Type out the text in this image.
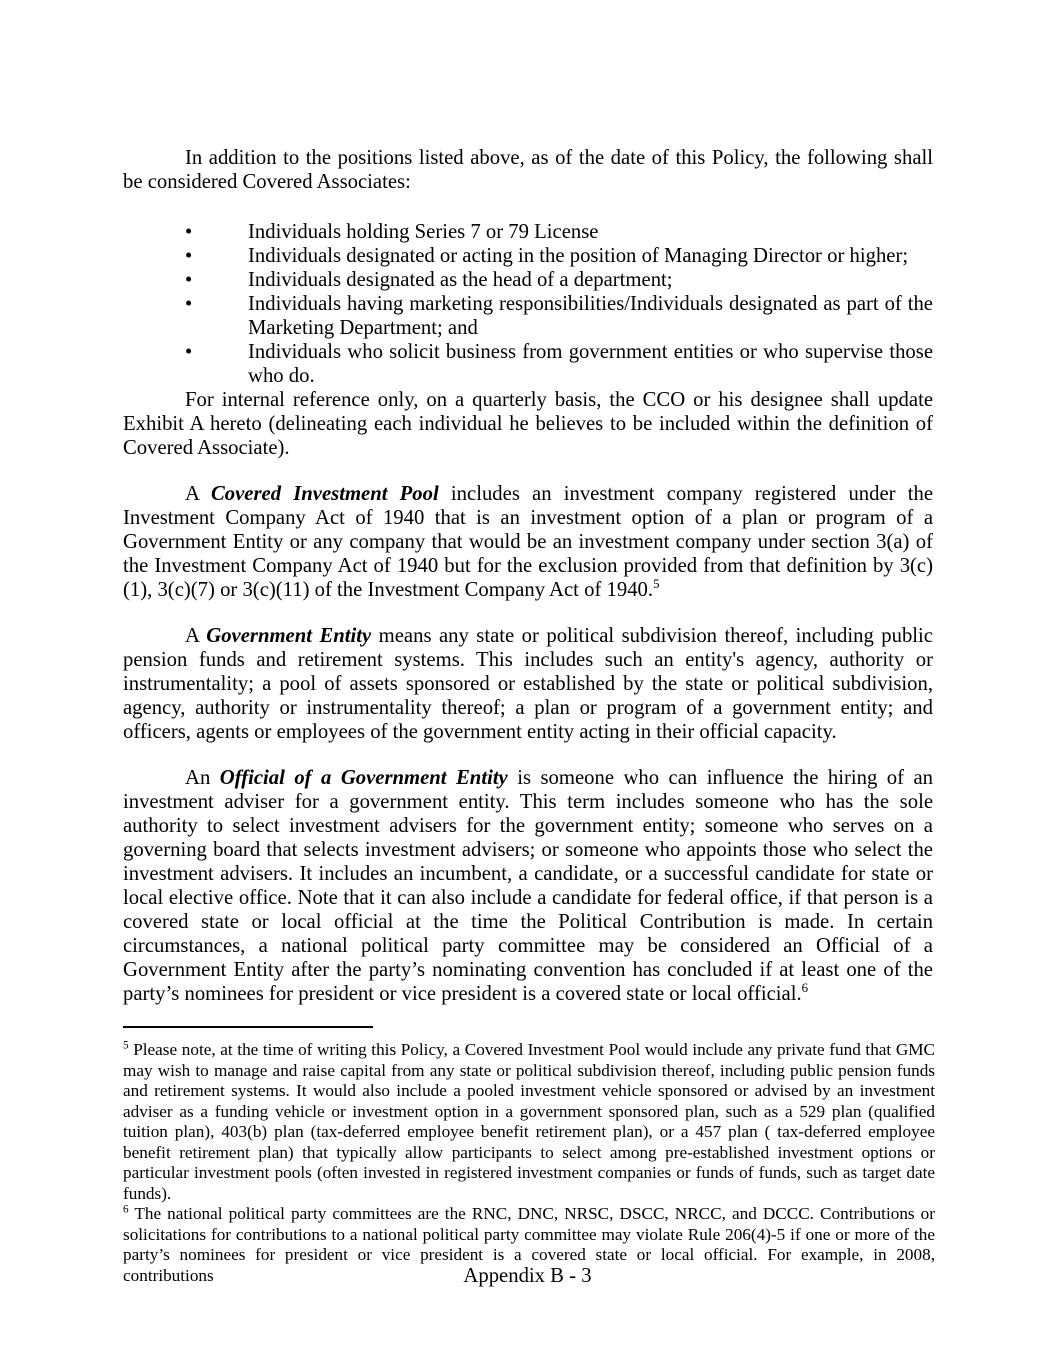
In addition to the positions listed above, as of the date of this Policy, the following shall be considered Covered Associates:

•	Individuals holding Series 7 or 79 License
•	Individuals designated or acting in the position of Managing Director or higher;
•	Individuals designated as the head of a department;
•	Individuals having marketing responsibilities/Individuals designated as part of the Marketing Department; and
•	Individuals who solicit business from government entities or who supervise those who do.

For internal reference only, on a quarterly basis, the CCO or his designee shall update Exhibit A hereto (delineating each individual he believes to be included within the definition of Covered Associate).

A Covered Investment Pool includes an investment company registered under the Investment Company Act of 1940 that is an investment option of a plan or program of a Government Entity or any company that would be an investment company under section 3(a) of the Investment Company Act of 1940 but for the exclusion provided from that definition by 3(c)(1), 3(c)(7) or 3(c)(11) of the Investment Company Act of 1940.$^5$

A Government Entity means any state or political subdivision thereof, including public pension funds and retirement systems. This includes such an entity's agency, authority or instrumentality; a pool of assets sponsored or established by the state or political subdivision, agency, authority or instrumentality thereof; a plan or program of a government entity; and officers, agents or employees of the government entity acting in their official capacity.

An Official of a Government Entity is someone who can influence the hiring of an investment adviser for a government entity. This term includes someone who has the sole authority to select investment advisers for the government entity; someone who serves on a governing board that selects investment advisers; or someone who appoints those who select the investment advisers. It includes an incumbent, a candidate, or a successful candidate for state or local elective office. Note that it can also include a candidate for federal office, if that person is a covered state or local official at the time the Political Contribution is made. In certain circumstances, a national political party committee may be considered an Official of a Government Entity after the party’s nominating convention has concluded if at least one of the party’s nominees for president or vice president is a covered state or local official.$^6$

$^5$ Please note, at the time of writing this Policy, a Covered Investment Pool would include any private fund that GMC may wish to manage and raise capital from any state or political subdivision thereof, including public pension funds and retirement systems. It would also include a pooled investment vehicle sponsored or advised by an investment adviser as a funding vehicle or investment option in a government sponsored plan, such as a 529 plan (qualified tuition plan), 403(b) plan (tax-deferred employee benefit retirement plan), or a 457 plan ( tax-deferred employee benefit retirement plan) that typically allow participants to select among pre-established investment options or particular investment pools (often invested in registered investment companies or funds of funds, such as target date funds).

$^6$ The national political party committees are the RNC, DNC, NRSC, DSCC, NRCC, and DCCC. Contributions or solicitations for contributions to a national political party committee may violate Rule 206(4)-5 if one or more of the party’s nominees for president or vice president is a covered state or local official. For example, in 2008, contributions	Appendix B - 3
